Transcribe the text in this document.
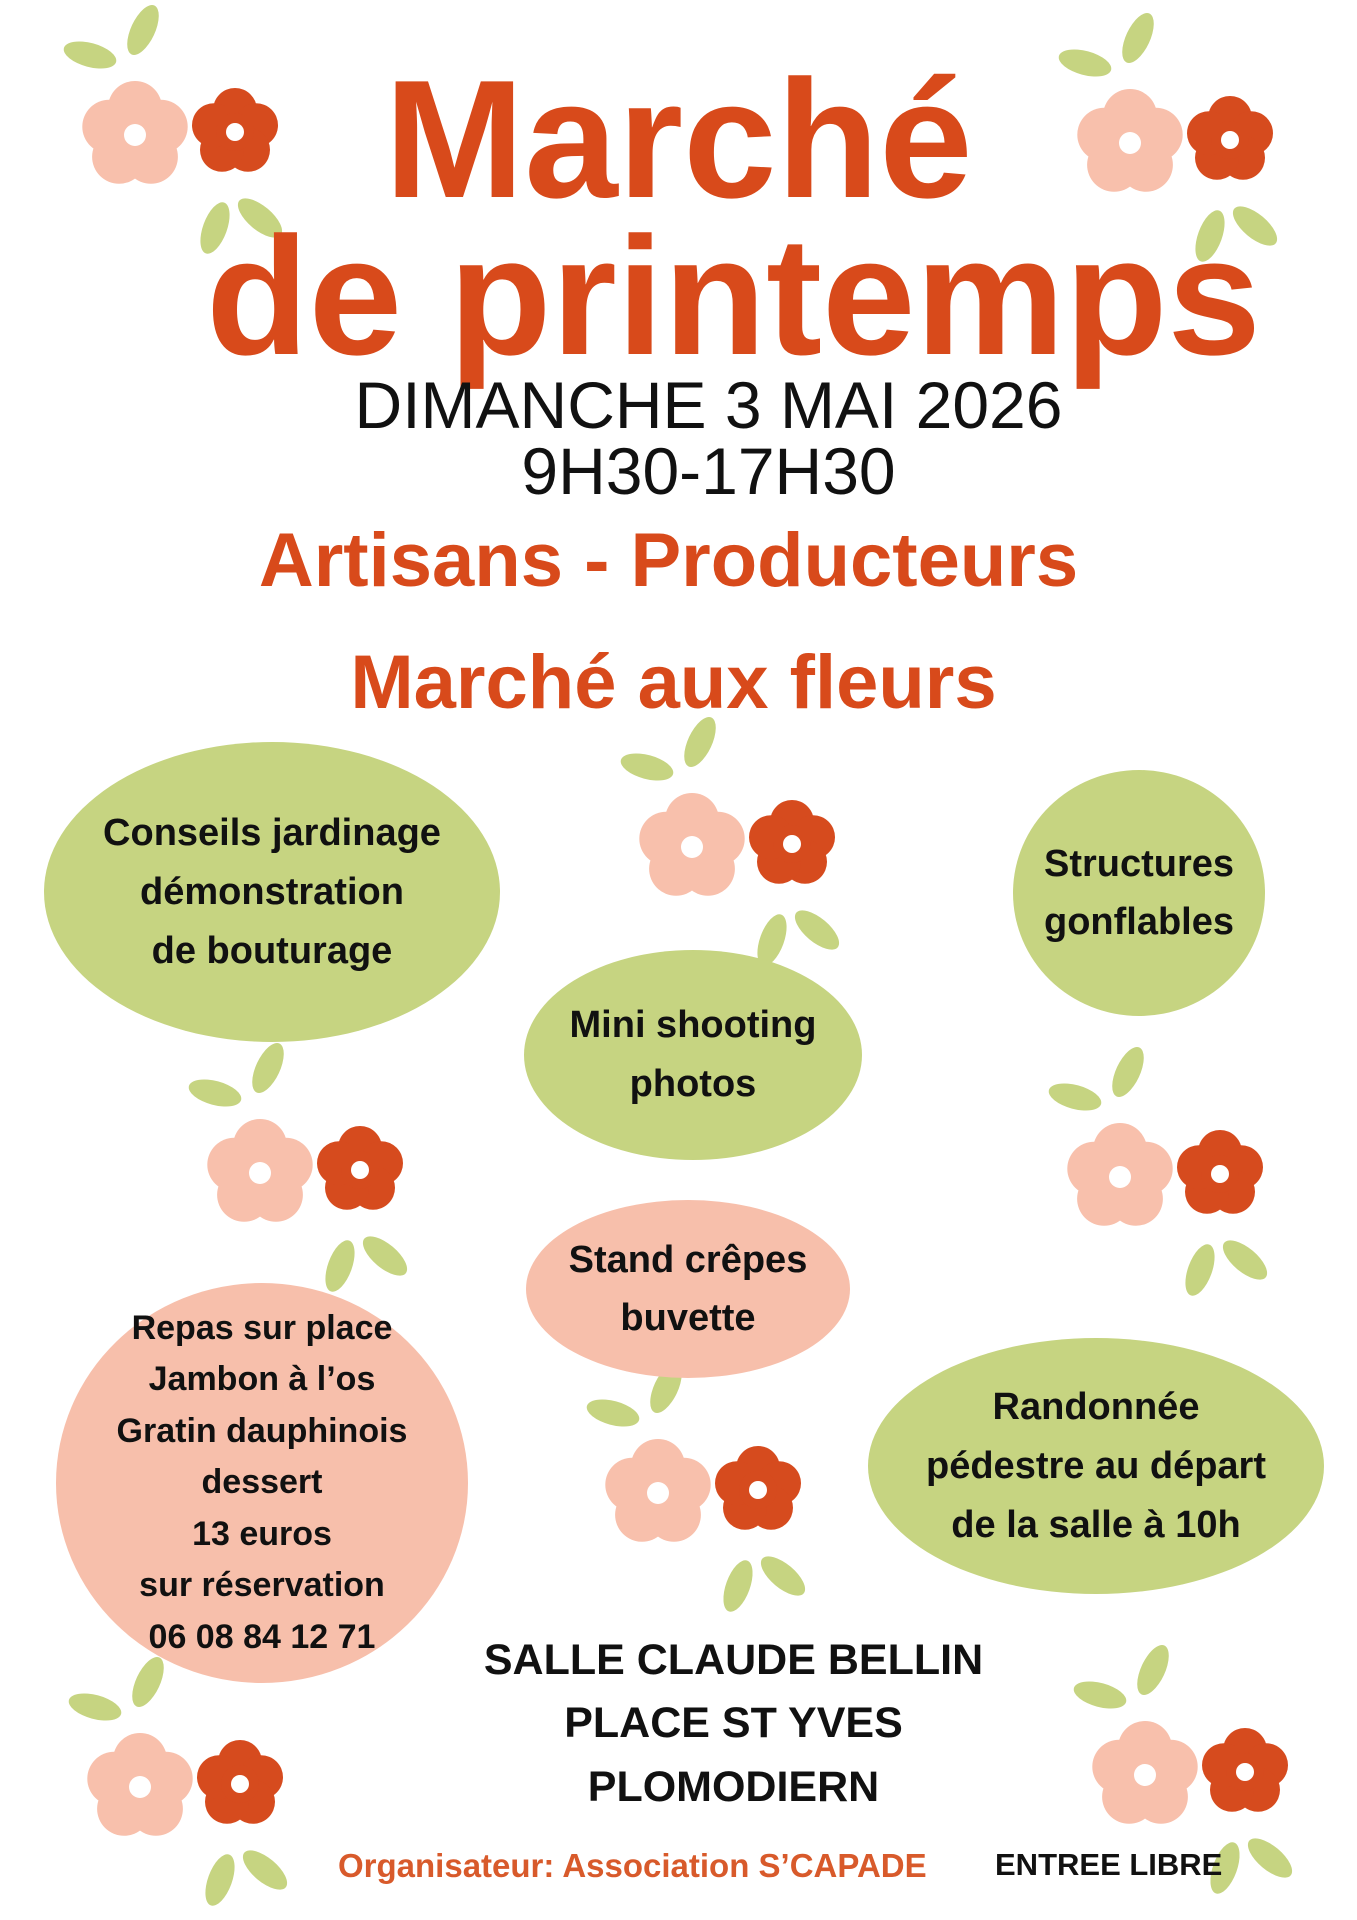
Marché
de printemps
DIMANCHE 3 MAI 2026
9H30-17H30
Artisans - Producteurs
Marché aux fleurs
Conseils jardinage
démonstration
de bouturage
Structures
gonflables
Mini shooting
photos
Stand crêpes
buvette
Repas sur place
Jambon à l’os
Gratin dauphinois
dessert
13 euros
sur réservation
06 08 84 12 71
Randonnée
pédestre au départ
de la salle à 10h
SALLE CLAUDE BELLIN
PLACE ST YVES
PLOMODIERN
Organisateur: Association S’CAPADE ENTREE LIBRE
